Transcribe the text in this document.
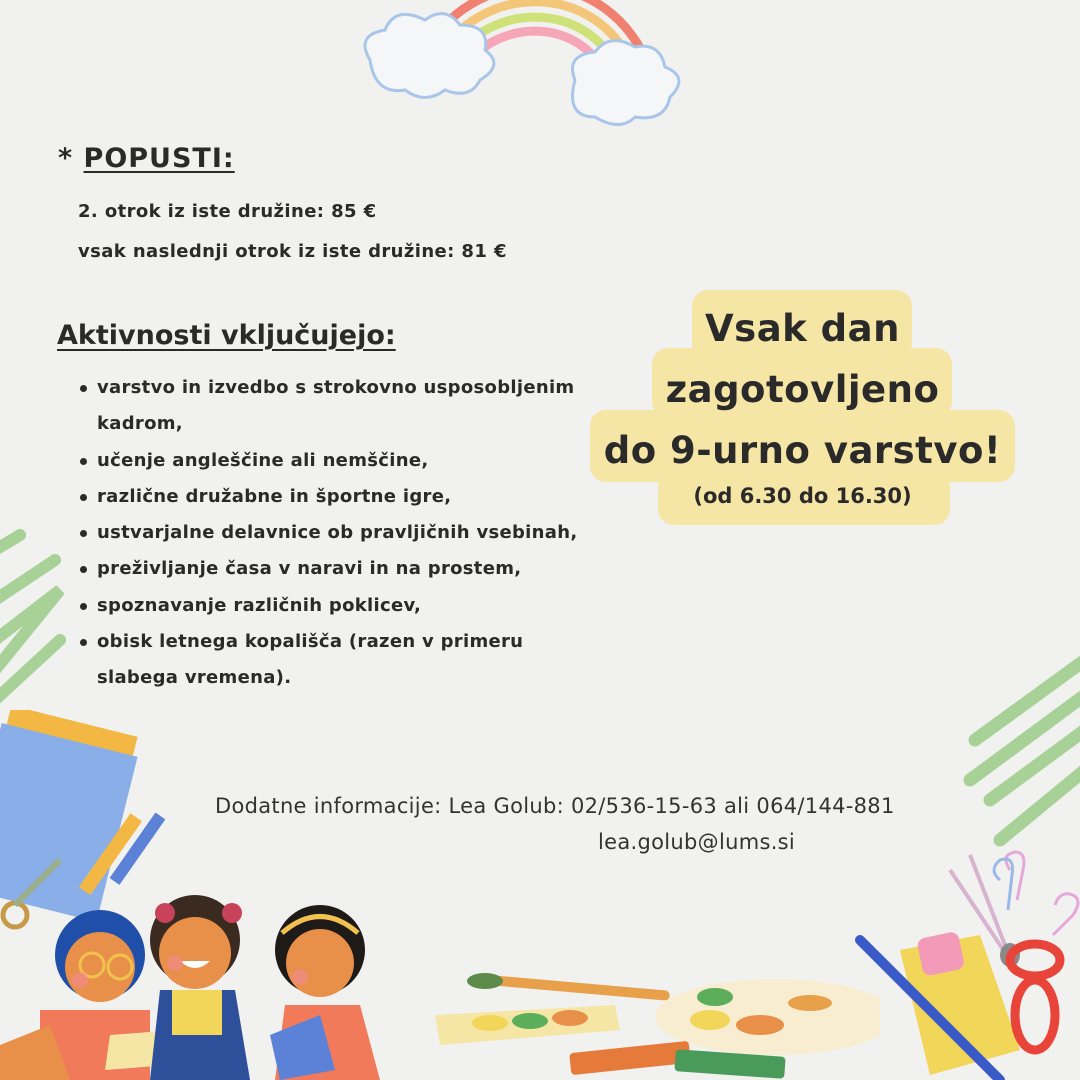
* POPUSTI:
2. otrok iz iste družine: 85 €
vsak naslednji otrok iz iste družine: 81 €
Aktivnosti vključujejo:
varstvo in izvedbo s strokovno usposobljenim kadrom,
učenje angleščine ali nemščine,
različne družabne in športne igre,
ustvarjalne delavnice ob pravljičnih vsebinah,
preživljanje časa v naravi in na prostem,
spoznavanje različnih poklicev,
obisk letnega kopališča (razen v primeru slabega vremena).
Vsak dan
zagotovljeno
do 9-urno varstvo!
(od 6.30 do 16.30)
Dodatne informacije: Lea Golub: 02/536-15-63 ali 064/144-881
lea.golub@lums.si
